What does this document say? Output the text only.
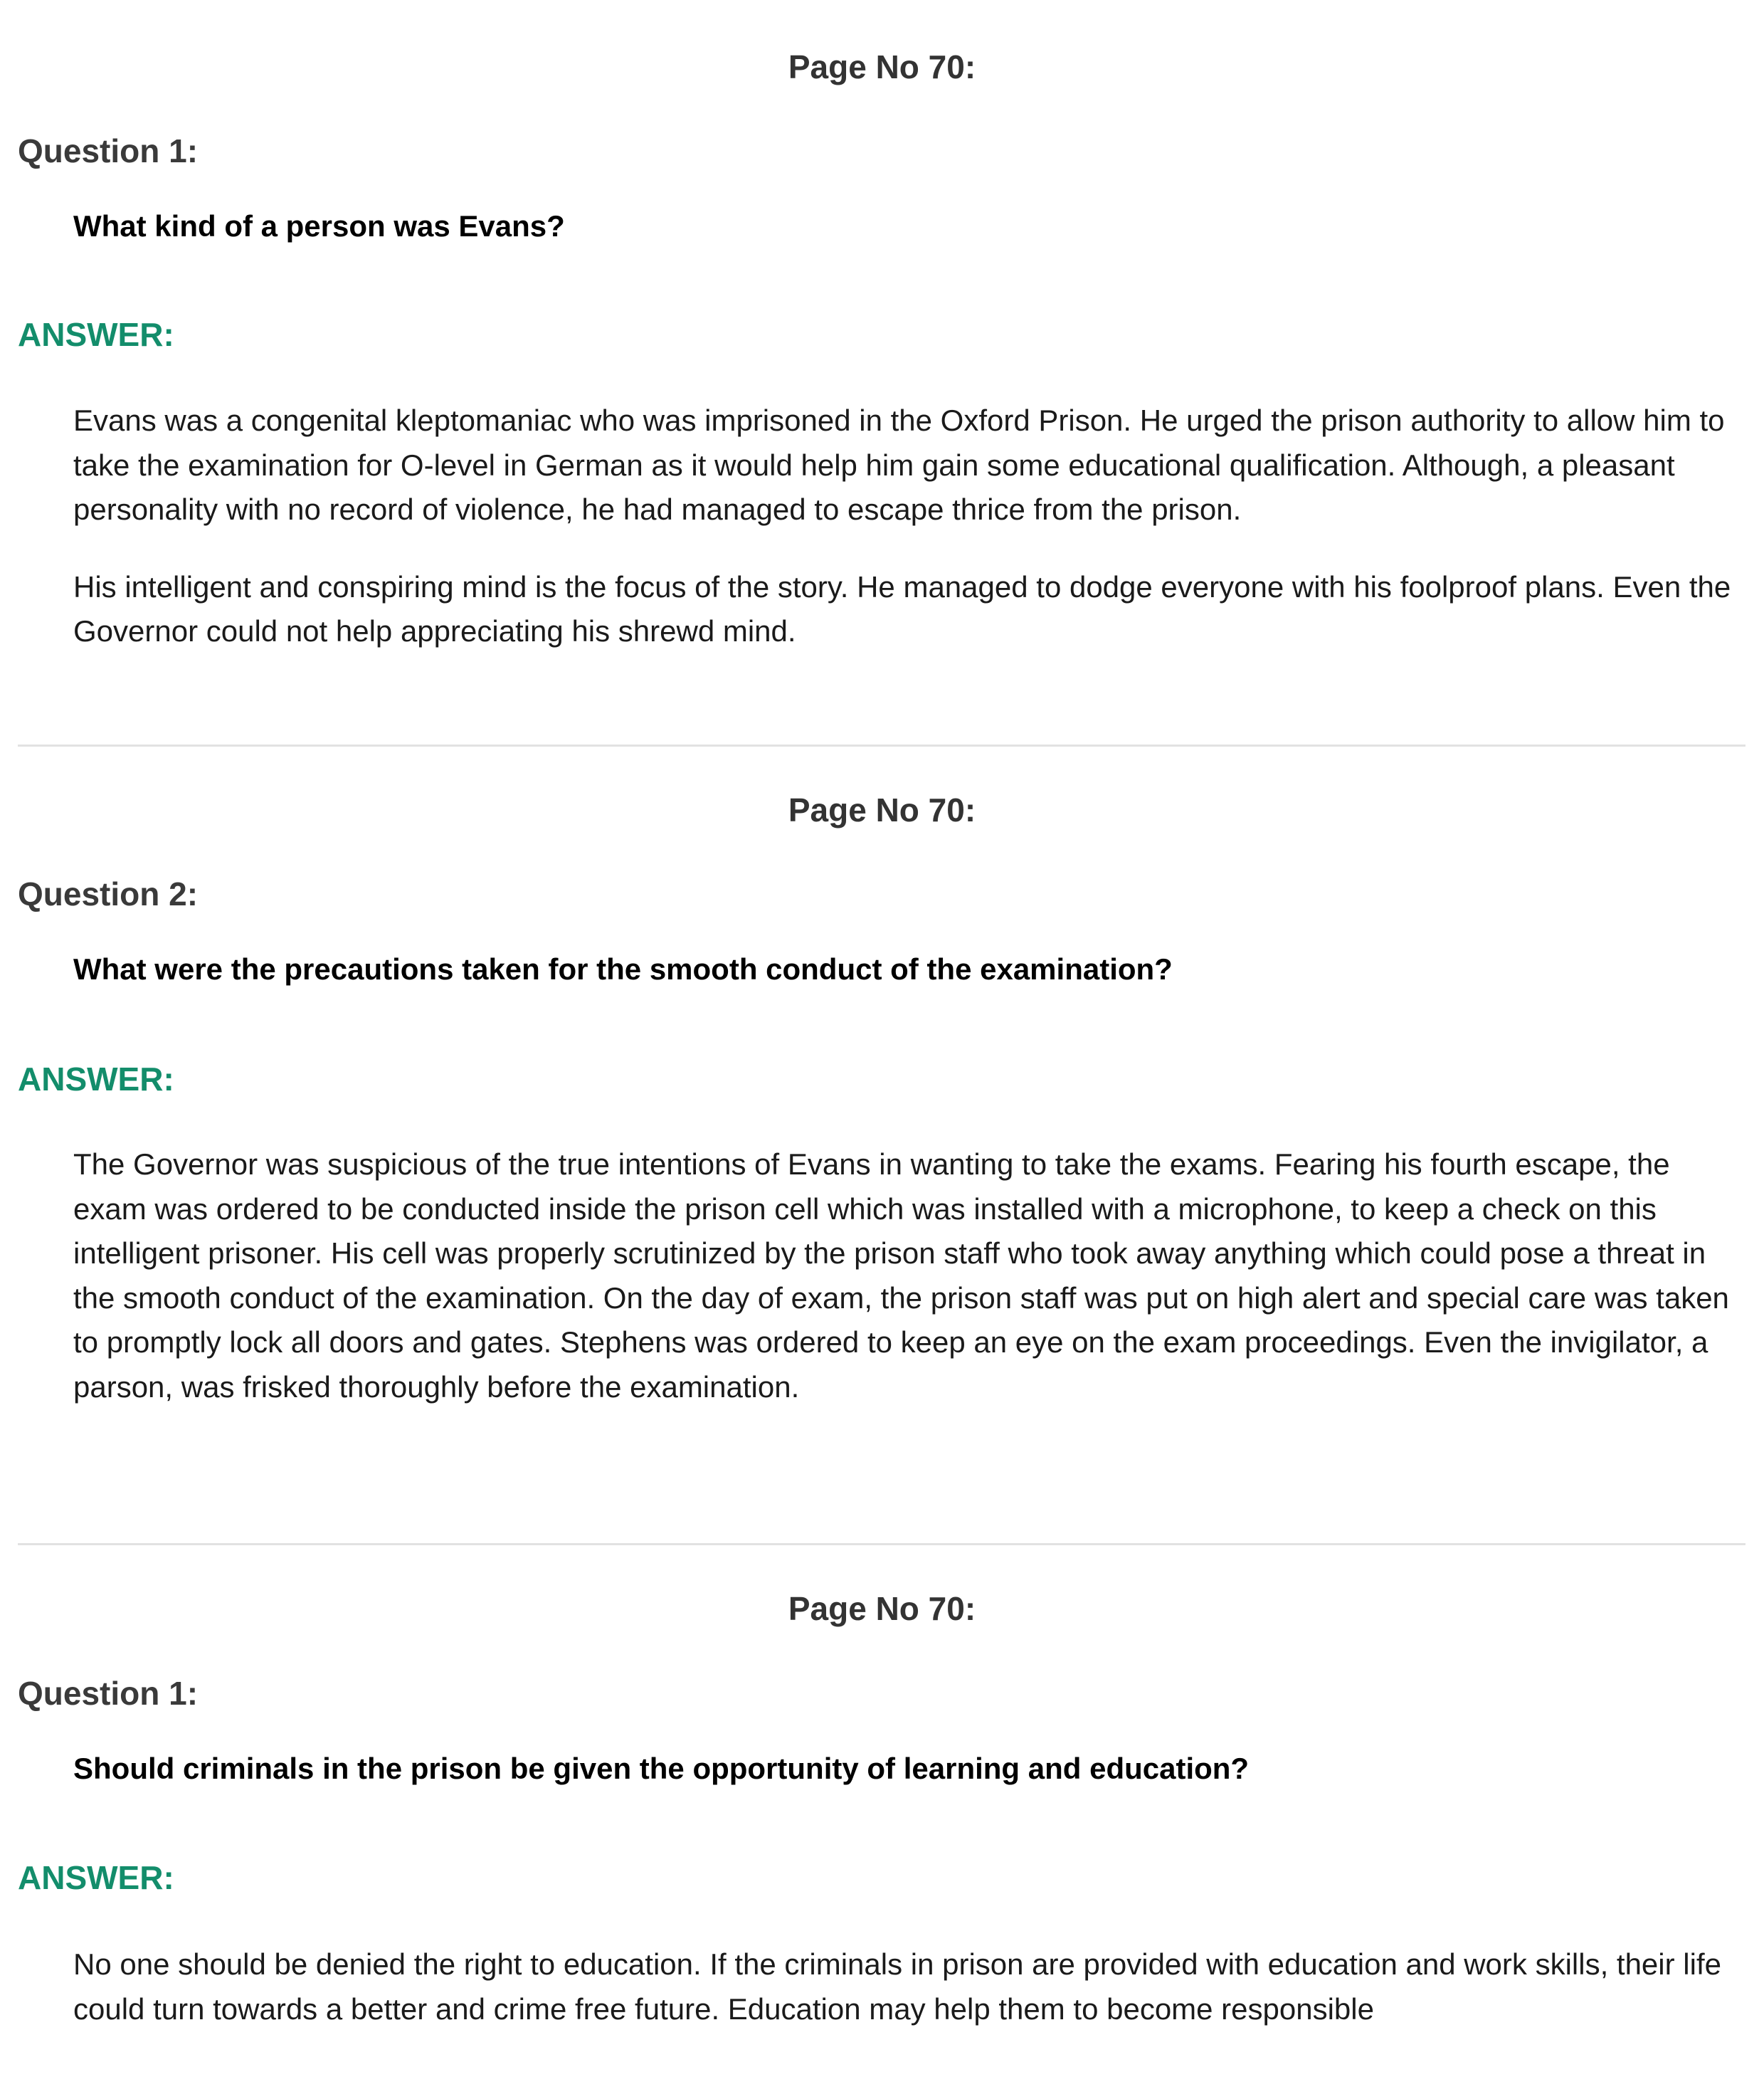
Page No 70:
Question 1:
What kind of a person was Evans?
ANSWER:

Evans was a congenital kleptomaniac who was imprisoned in the Oxford Prison. He urged the prison authority to allow him to take the examination for O-level in German as it would help him gain some educational qualification. Although, a pleasant personality with no record of violence, he had managed to escape thrice from the prison.

His intelligent and conspiring mind is the focus of the story. He managed to dodge everyone with his foolproof plans. Even the Governor could not help appreciating his shrewd mind.

Page No 70:
Question 2:
What were the precautions taken for the smooth conduct of the examination?
ANSWER:

The Governor was suspicious of the true intentions of Evans in wanting to take the exams. Fearing his fourth escape, the exam was ordered to be conducted inside the prison cell which was installed with a microphone, to keep a check on this intelligent prisoner. His cell was properly scrutinized by the prison staff who took away anything which could pose a threat in the smooth conduct of the examination. On the day of exam, the prison staff was put on high alert and special care was taken to promptly lock all doors and gates. Stephens was ordered to keep an eye on the exam proceedings. Even the invigilator, a parson, was frisked thoroughly before the examination.

Page No 70:
Question 1:
Should criminals in the prison be given the opportunity of learning and education?
ANSWER:

No one should be denied the right to education. If the criminals in prison are provided with education and work skills, their life could turn towards a better and crime free future. Education may help them to become responsible
